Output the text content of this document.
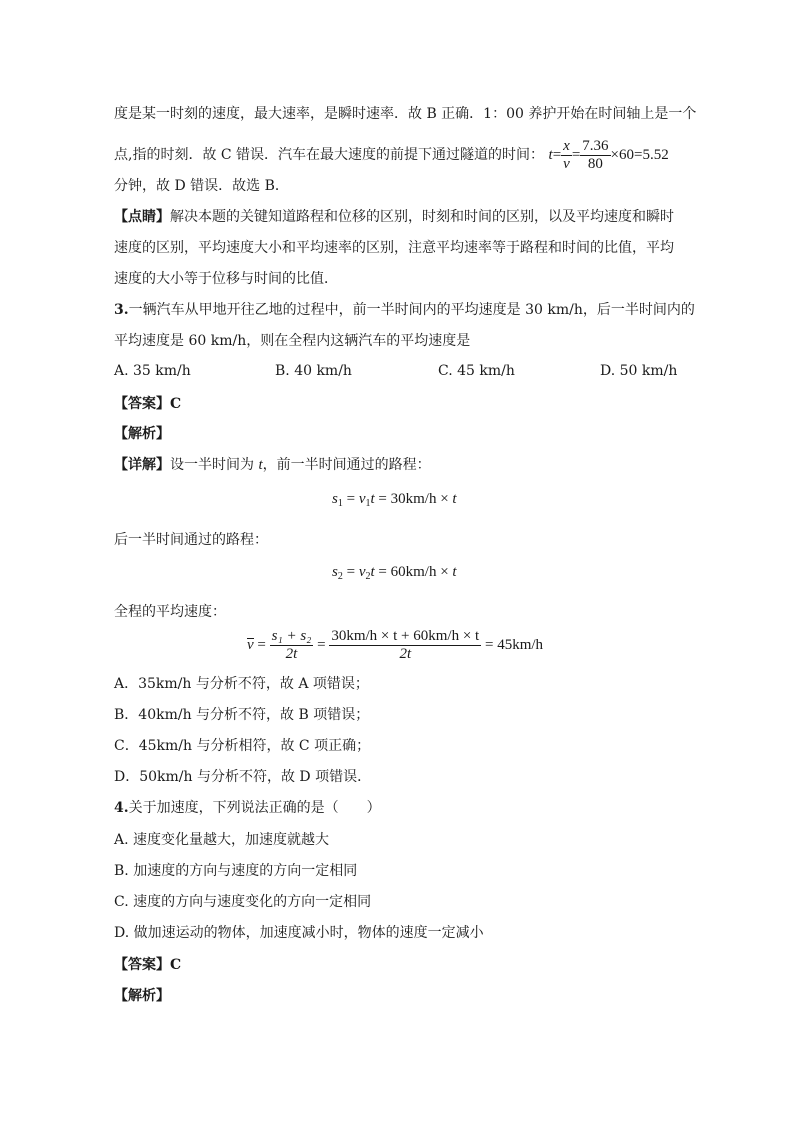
度是某一时刻的速度，最大速率，是瞬时速率．故 B 正确．1：00 养护开始在时间轴上是一个
点,指的时刻．故 C 错误．汽车在最大速度的前提下通过隧道的时间： $t= \frac{x}{v} = \frac{7.36}{80} \times 60=5.52$
分钟，故 D 错误．故选 B．
【点睛】解决本题的关键知道路程和位移的区别，时刻和时间的区别，以及平均速度和瞬时
速度的区别，平均速度大小和平均速率的区别，注意平均速率等于路程和时间的比值，平均
速度的大小等于位移与时间的比值．
3.一辆汽车从甲地开往乙地的过程中，前一半时间内的平均速度是 30 km/h，后一半时间内的
平均速度是 60 km/h，则在全程内这辆汽车的平均速度是
A. 35 km/h	B. 40 km/h	C. 45 km/h	D. 50 km/h
【答案】C
【解析】
【详解】设一半时间为 t，前一半时间通过的路程：
$s_1 = v_1t = 30km/h \times t$
后一半时间通过的路程：
$s_2 = v_2t = 60km/h \times t$
全程的平均速度：
$v = \frac{\text{s₁ + s₂}}{2t} = \frac{30km/h \times t + 60km/h \times t}{2t} = 45km/h$
A．35km/h 与分析不符，故 A 项错误；
B．40km/h 与分析不符，故 B 项错误；
C．45km/h 与分析相符，故 C 项正确；
D．50km/h 与分析不符，故 D 项错误．
4.关于加速度，下列说法正确的是（　　）
A. 速度变化量越大，加速度就越大
B. 加速度的方向与速度的方向一定相同
C. 速度的方向与速度变化的方向一定相同
D. 做加速运动的物体，加速度减小时，物体的速度一定减小
【答案】C
【解析】
